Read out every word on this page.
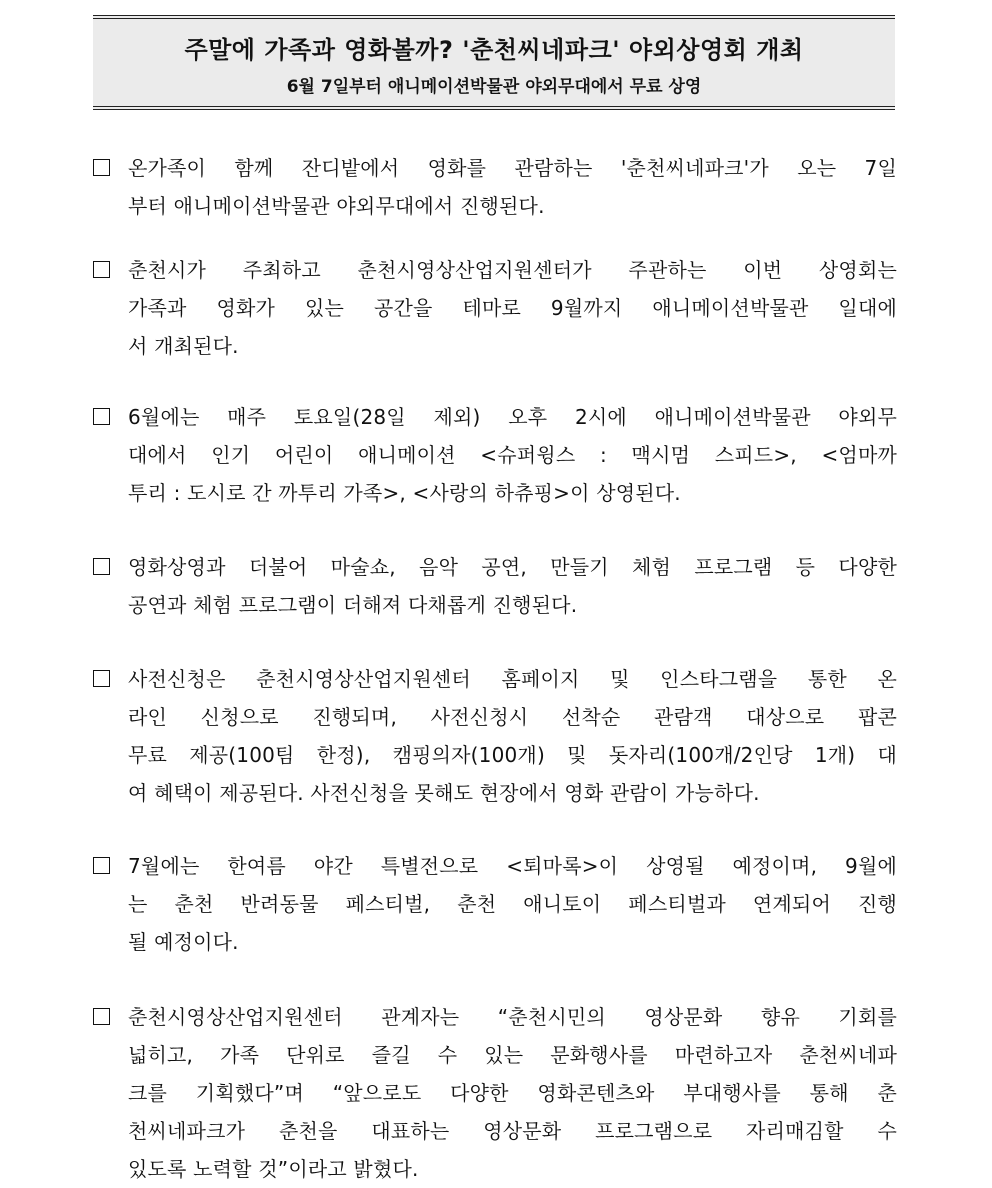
주말에 가족과 영화볼까? '춘천씨네파크' 야외상영회 개최
6월 7일부터 애니메이션박물관 야외무대에서 무료 상영
온가족이 함께 잔디밭에서 영화를 관람하는 '춘천씨네파크'가 오는 7일
부터 애니메이션박물관 야외무대에서 진행된다.
춘천시가 주최하고 춘천시영상산업지원센터가 주관하는 이번 상영회는
가족과 영화가 있는 공간을 테마로 9월까지 애니메이션박물관 일대에
서 개최된다.
6월에는 매주 토요일(28일 제외) 오후 2시에 애니메이션박물관 야외무
대에서 인기 어린이 애니메이션 <슈퍼윙스 : 맥시멈 스피드>, <엄마까
투리 : 도시로 간 까투리 가족>, <사랑의 하츄핑>이 상영된다.
영화상영과 더불어 마술쇼, 음악 공연, 만들기 체험 프로그램 등 다양한
공연과 체험 프로그램이 더해져 다채롭게 진행된다.
사전신청은 춘천시영상산업지원센터 홈페이지 및 인스타그램을 통한 온
라인 신청으로 진행되며, 사전신청시 선착순 관람객 대상으로 팝콘
무료 제공(100팀 한정), 캠핑의자(100개) 및 돗자리(100개/2인당 1개) 대
여 혜택이 제공된다. 사전신청을 못해도 현장에서 영화 관람이 가능하다.
7월에는 한여름 야간 특별전으로 <퇴마록>이 상영될 예정이며, 9월에
는 춘천 반려동물 페스티벌, 춘천 애니토이 페스티벌과 연계되어 진행
될 예정이다.
춘천시영상산업지원센터 관계자는 “춘천시민의 영상문화 향유 기회를
넓히고, 가족 단위로 즐길 수 있는 문화행사를 마련하고자 춘천씨네파
크를 기획했다”며 “앞으로도 다양한 영화콘텐츠와 부대행사를 통해 춘
천씨네파크가 춘천을 대표하는 영상문화 프로그램으로 자리매김할 수
있도록 노력할 것”이라고 밝혔다.
